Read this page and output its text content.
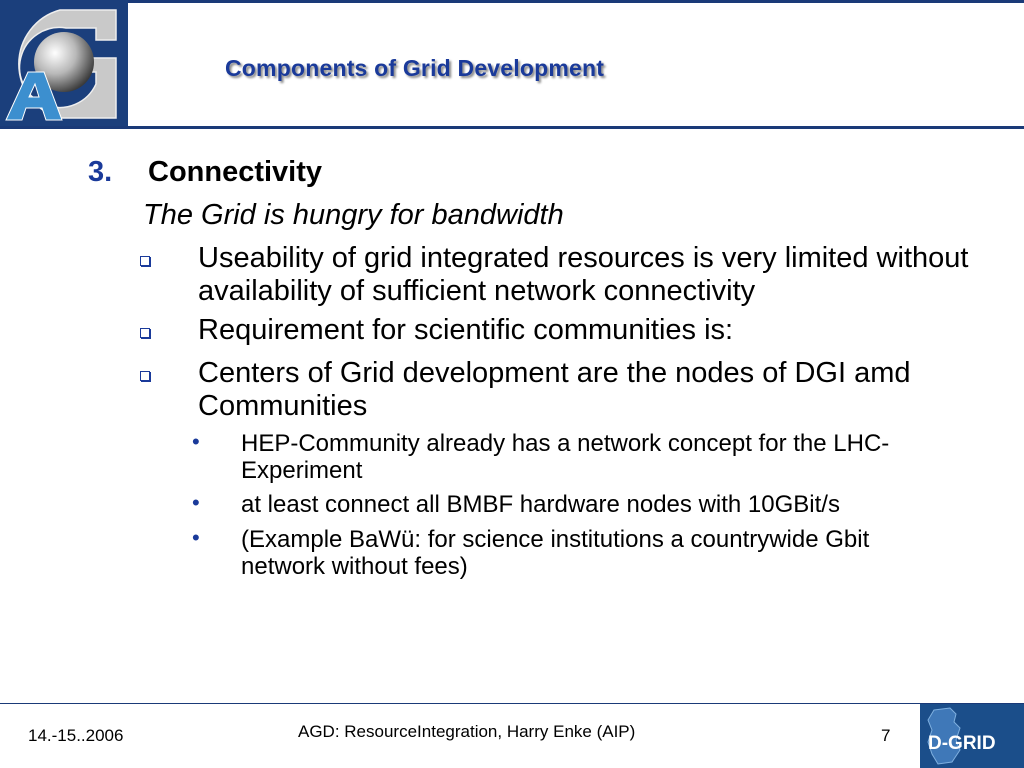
Components of Grid Development
3. Connectivity
The Grid is hungry for bandwidth
Useability of grid integrated resources is very limited without availability of sufficient network connectivity
Requirement for scientific communities is:
Centers of Grid development are the nodes of DGI amd Communities
• HEP-Community already has a network concept for the LHC-Experiment
• at least connect all BMBF hardware nodes with 10GBit/s
• (Example BaWü: for science institutions a countrywide Gbit network without fees)
14.-15..2006	AGD: ResourceIntegration, Harry Enke (AIP)	7 D-GRID
